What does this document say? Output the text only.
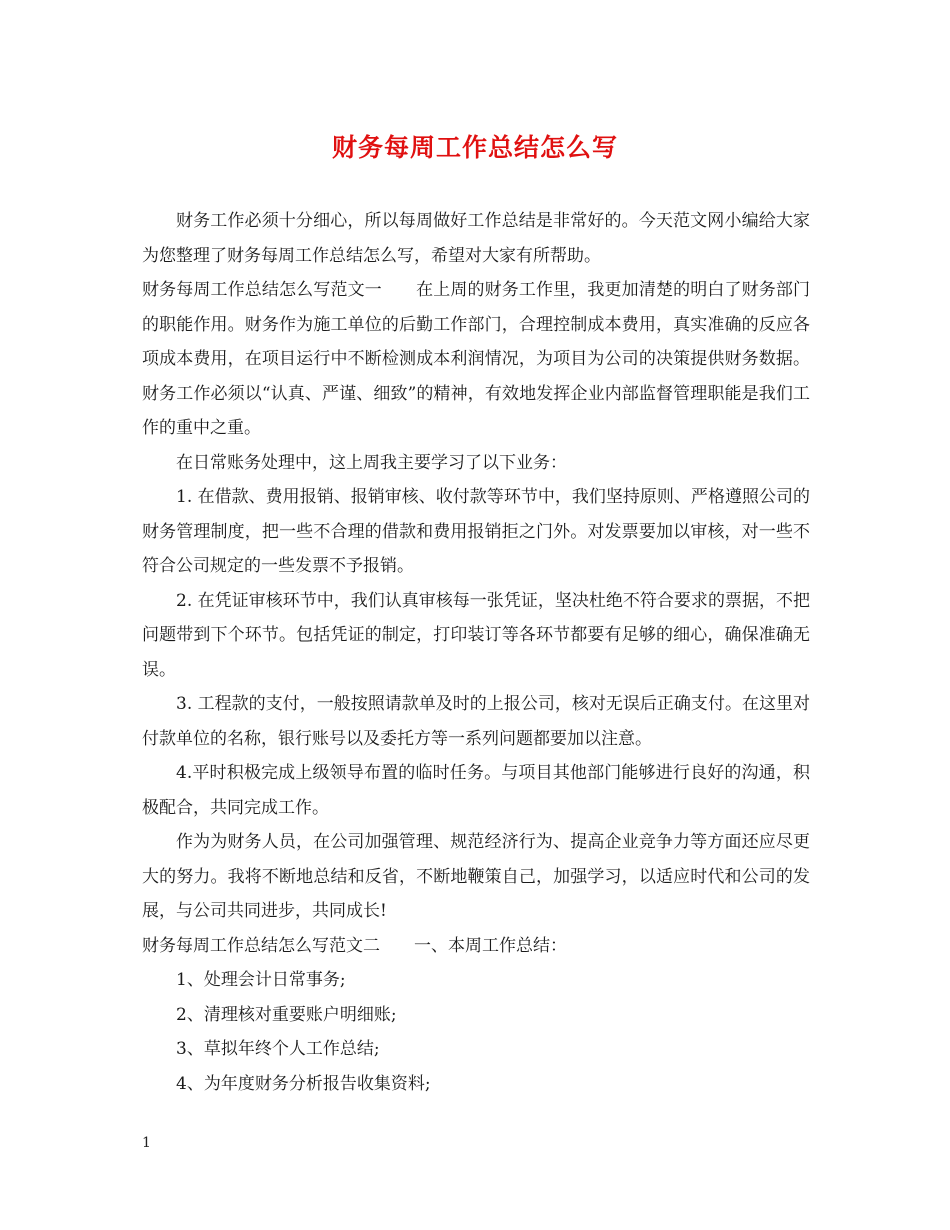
财务每周工作总结怎么写

财务工作必须十分细心，所以每周做好工作总结是非常好的。今天范文网小编给大家为您整理了财务每周工作总结怎么写，希望对大家有所帮助。

财务每周工作总结怎么写范文一　　在上周的财务工作里，我更加清楚的明白了财务部门的职能作用。财务作为施工单位的后勤工作部门，合理控制成本费用，真实准确的反应各项成本费用，在项目运行中不断检测成本利润情况，为项目为公司的决策提供财务数据。财务工作必须以“认真、严谨、细致”的精神，有效地发挥企业内部监督管理职能是我们工作的重中之重。

在日常账务处理中，这上周我主要学习了以下业务：

1. 在借款、费用报销、报销审核、收付款等环节中，我们坚持原则、严格遵照公司的财务管理制度，把一些不合理的借款和费用报销拒之门外。对发票要加以审核，对一些不符合公司规定的一些发票不予报销。

2. 在凭证审核环节中，我们认真审核每一张凭证，坚决杜绝不符合要求的票据，不把问题带到下个环节。包括凭证的制定，打印装订等各环节都要有足够的细心，确保准确无误。

3. 工程款的支付，一般按照请款单及时的上报公司，核对无误后正确支付。在这里对付款单位的名称，银行账号以及委托方等一系列问题都要加以注意。

4.平时积极完成上级领导布置的临时任务。与项目其他部门能够进行良好的沟通，积极配合，共同完成工作。

作为为财务人员，在公司加强管理、规范经济行为、提高企业竞争力等方面还应尽更大的努力。我将不断地总结和反省，不断地鞭策自己，加强学习，以适应时代和公司的发展，与公司共同进步，共同成长!

财务每周工作总结怎么写范文二　　一、本周工作总结：

1、处理会计日常事务;

2、清理核对重要账户明细账;

3、草拟年终个人工作总结;

4、为年度财务分析报告收集资料;

1
